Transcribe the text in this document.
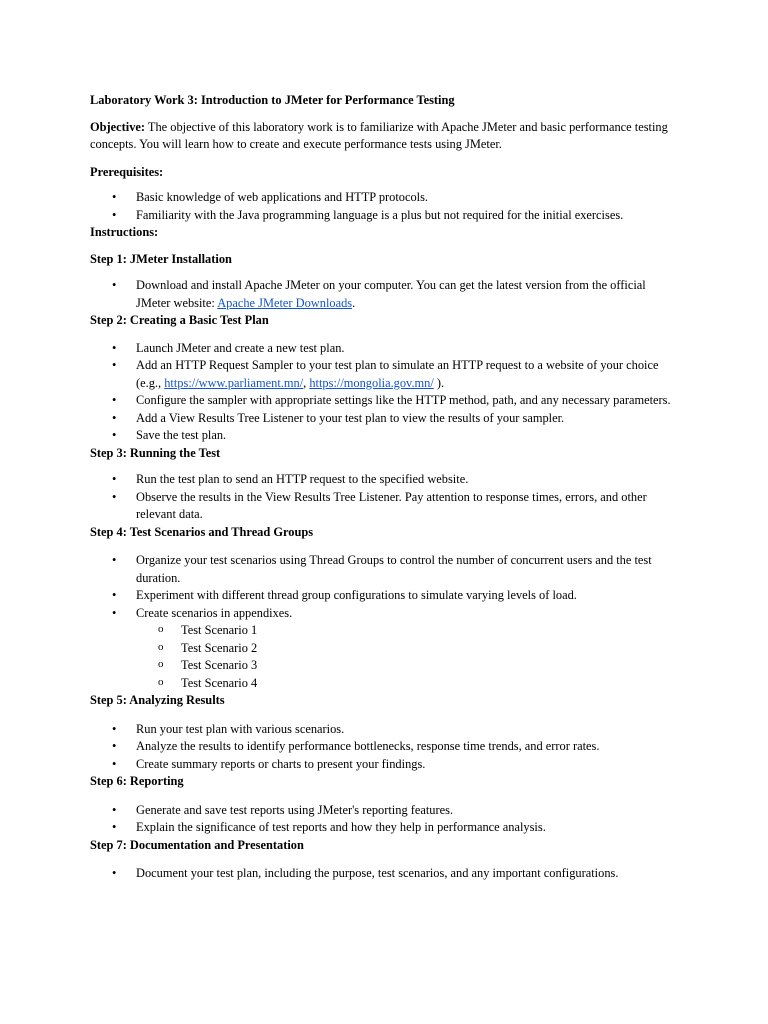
Laboratory Work 3: Introduction to JMeter for Performance Testing

Objective: The objective of this laboratory work is to familiarize with Apache JMeter and basic performance testing concepts. You will learn how to create and execute performance tests using JMeter.

Prerequisites:

• Basic knowledge of web applications and HTTP protocols.
• Familiarity with the Java programming language is a plus but not required for the initial exercises.

Instructions:

Step 1: JMeter Installation

• Download and install Apache JMeter on your computer. You can get the latest version from the official JMeter website: Apache JMeter Downloads.

Step 2: Creating a Basic Test Plan

• Launch JMeter and create a new test plan.
• Add an HTTP Request Sampler to your test plan to simulate an HTTP request to a website of your choice (e.g., https://www.parliament.mn/, https://mongolia.gov.mn/ ).
• Configure the sampler with appropriate settings like the HTTP method, path, and any necessary parameters.
• Add a View Results Tree Listener to your test plan to view the results of your sampler.
• Save the test plan.

Step 3: Running the Test

• Run the test plan to send an HTTP request to the specified website.
• Observe the results in the View Results Tree Listener. Pay attention to response times, errors, and other relevant data.

Step 4: Test Scenarios and Thread Groups

• Organize your test scenarios using Thread Groups to control the number of concurrent users and the test duration.
• Experiment with different thread group configurations to simulate varying levels of load.
• Create scenarios in appendixes.
o Test Scenario 1
o Test Scenario 2
o Test Scenario 3
o Test Scenario 4

Step 5: Analyzing Results

• Run your test plan with various scenarios.
• Analyze the results to identify performance bottlenecks, response time trends, and error rates.
• Create summary reports or charts to present your findings.

Step 6: Reporting

• Generate and save test reports using JMeter's reporting features.
• Explain the significance of test reports and how they help in performance analysis.

Step 7: Documentation and Presentation

• Document your test plan, including the purpose, test scenarios, and any important configurations.
